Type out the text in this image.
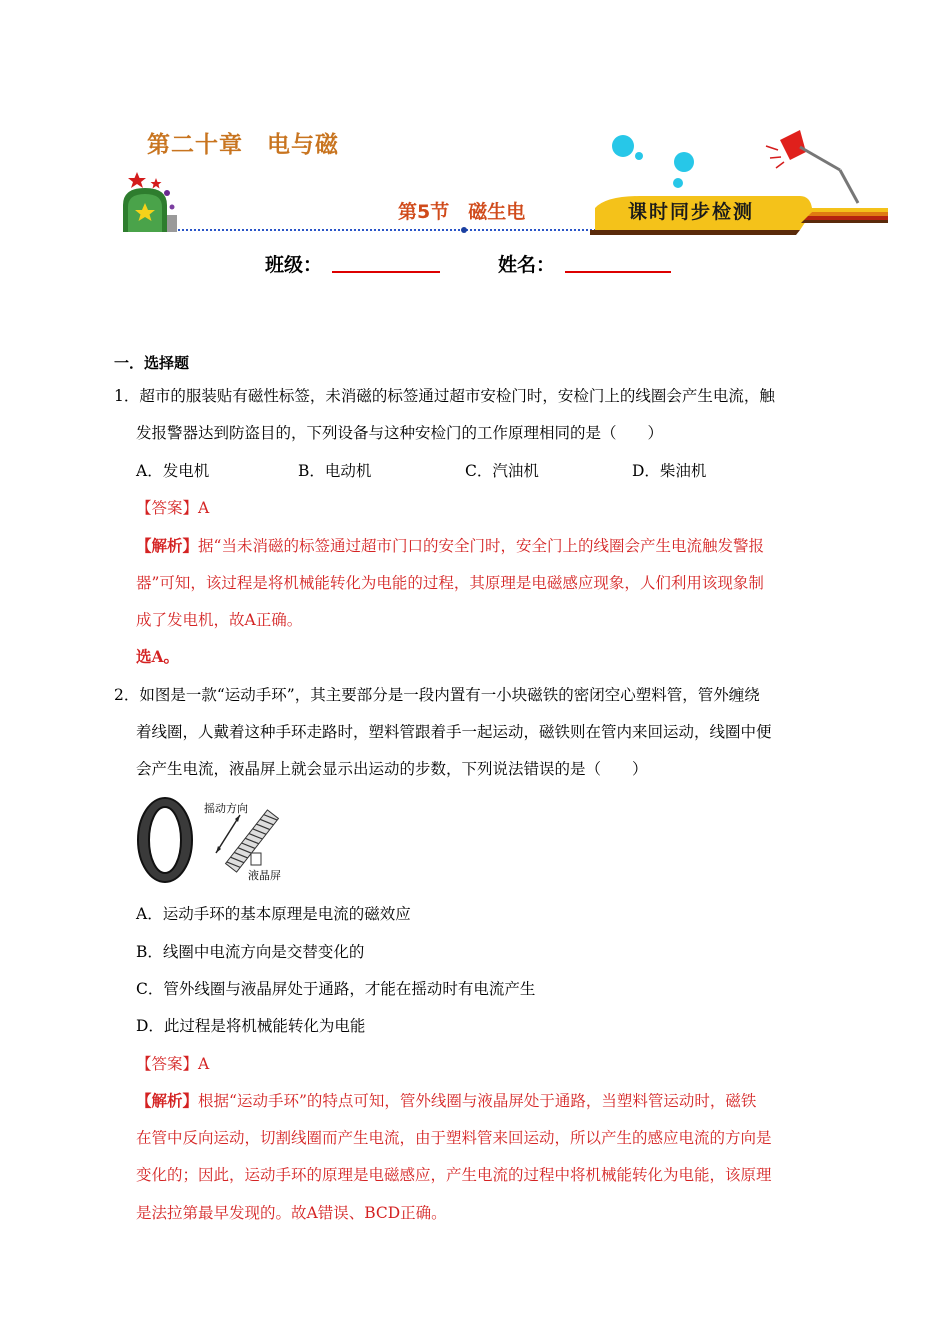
第二十章　电与磁
第5节　磁生电	课时同步检测
班级：	姓名：
一．选择题
1．超市的服装贴有磁性标签，未消磁的标签通过超市安检门时，安检门上的线圈会产生电流，触
发报警器达到防盗目的，下列设备与这种安检门的工作原理相同的是（　　）
A．发电机	B．电动机	C．汽油机	D．柴油机
【答案】A
【解析】据“当未消磁的标签通过超市门口的安全门时，安全门上的线圈会产生电流触发警报
器”可知，该过程是将机械能转化为电能的过程，其原理是电磁感应现象，人们利用该现象制
成了发电机，故A正确。
选A。
2．如图是一款“运动手环”，其主要部分是一段内置有一小块磁铁的密闭空心塑料管，管外缠绕
着线圈，人戴着这种手环走路时，塑料管跟着手一起运动，磁铁则在管内来回运动，线圈中便
会产生电流，液晶屏上就会显示出运动的步数，下列说法错误的是（　　）
摇动方向
液晶屏
A．运动手环的基本原理是电流的磁效应
B．线圈中电流方向是交替变化的
C．管外线圈与液晶屏处于通路，才能在摇动时有电流产生
D．此过程是将机械能转化为电能
【答案】A
【解析】根据“运动手环”的特点可知，管外线圈与液晶屏处于通路，当塑料管运动时，磁铁
在管中反向运动，切割线圈而产生电流，由于塑料管来回运动，所以产生的感应电流的方向是
变化的；因此，运动手环的原理是电磁感应，产生电流的过程中将机械能转化为电能，该原理
是法拉第最早发现的。故A错误、BCD正确。
